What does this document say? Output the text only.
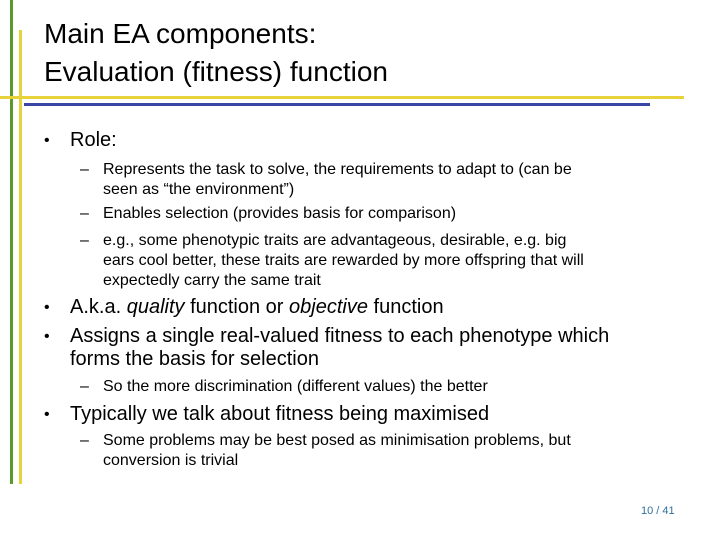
Main EA components:
Evaluation (fitness) function
• Role:
– Represents the task to solve, the requirements to adapt to (can be
seen as “the environment”)
– Enables selection (provides basis for comparison)
– e.g., some phenotypic traits are advantageous, desirable, e.g. big
ears cool better, these traits are rewarded by more offspring that will
expectedly carry the same trait
• A.k.a. quality function or objective function
• Assigns a single real-valued fitness to each phenotype which
forms the basis for selection
– So the more discrimination (different values) the better
• Typically we talk about fitness being maximised
– Some problems may be best posed as minimisation problems, but
conversion is trivial
10 / 41
